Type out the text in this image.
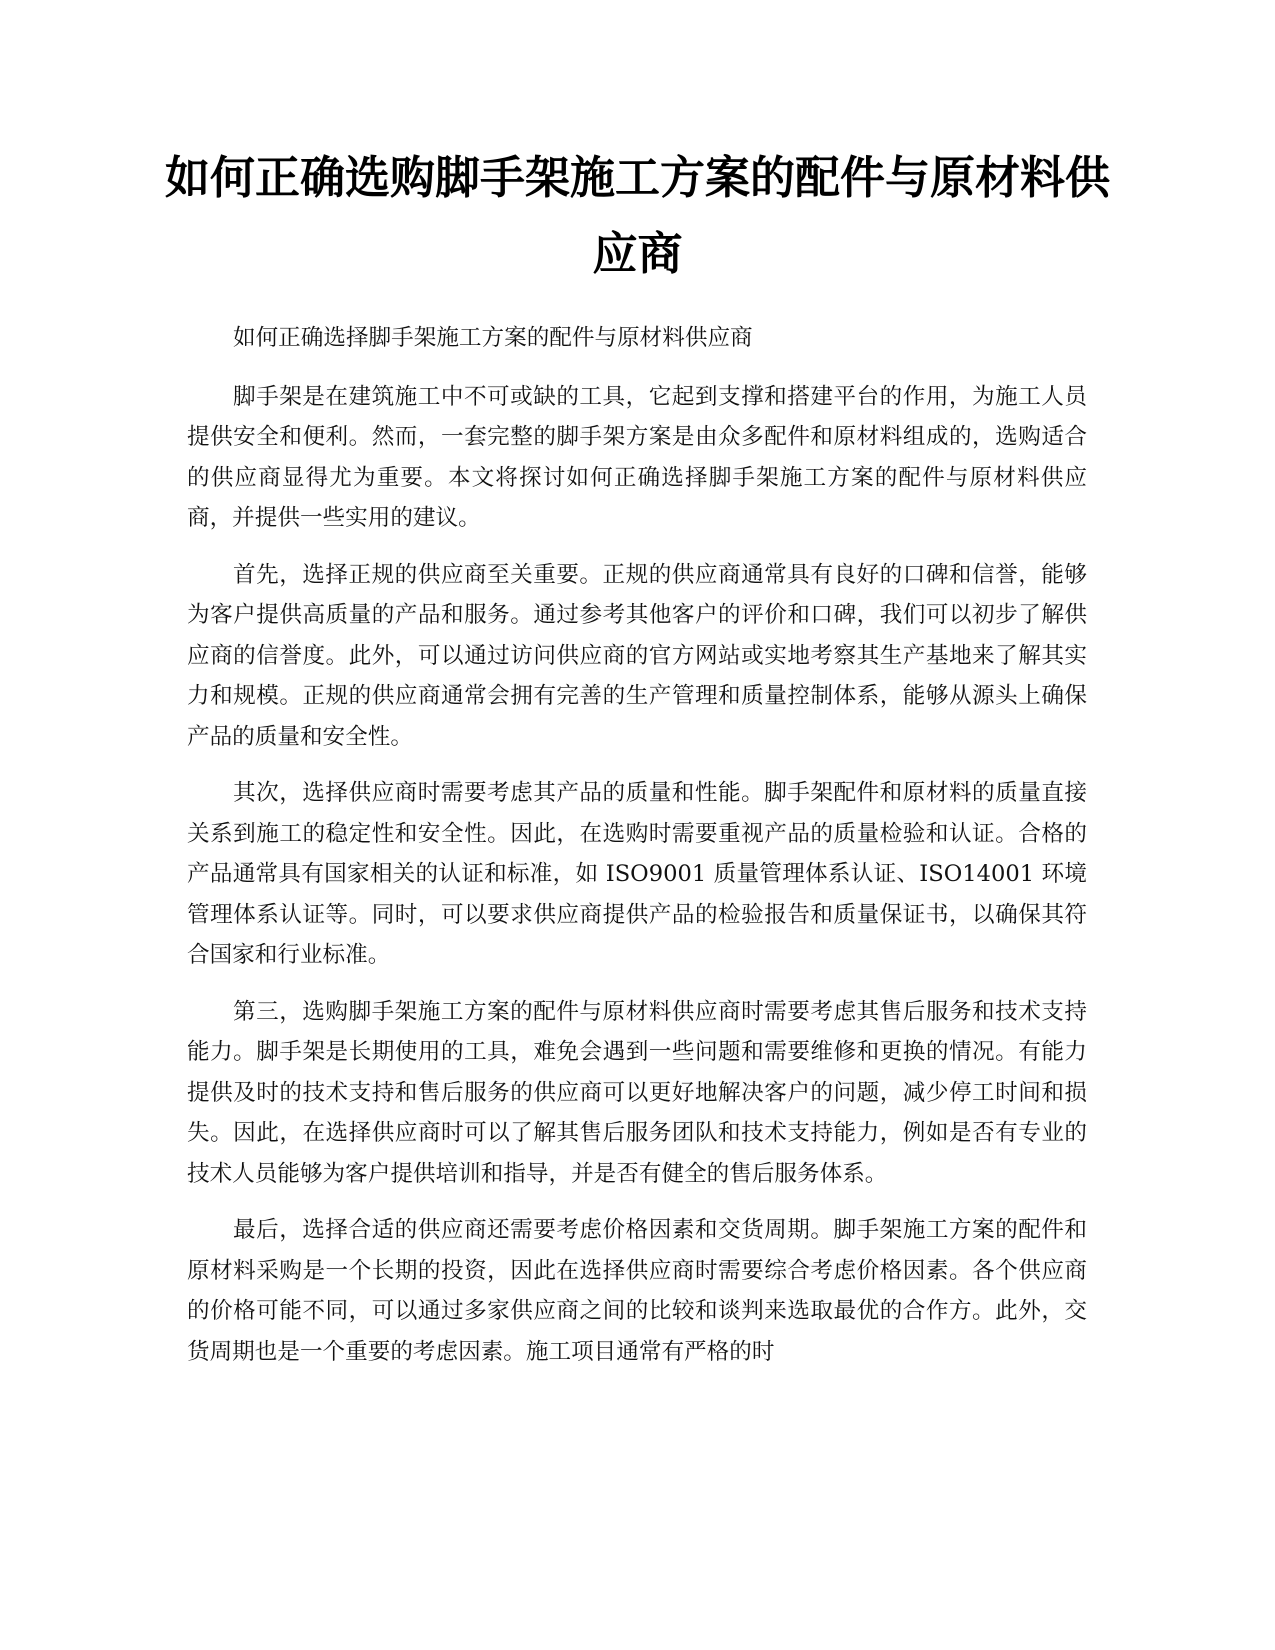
如何正确选购脚手架施工方案的配件与原材料供应商

如何正确选择脚手架施工方案的配件与原材料供应商

脚手架是在建筑施工中不可或缺的工具，它起到支撑和搭建平台的作用，为施工人员提供安全和便利。然而，一套完整的脚手架方案是由众多配件和原材料组成的，选购适合的供应商显得尤为重要。本文将探讨如何正确选择脚手架施工方案的配件与原材料供应商，并提供一些实用的建议。

首先，选择正规的供应商至关重要。正规的供应商通常具有良好的口碑和信誉，能够为客户提供高质量的产品和服务。通过参考其他客户的评价和口碑，我们可以初步了解供应商的信誉度。此外，可以通过访问供应商的官方网站或实地考察其生产基地来了解其实力和规模。正规的供应商通常会拥有完善的生产管理和质量控制体系，能够从源头上确保产品的质量和安全性。

其次，选择供应商时需要考虑其产品的质量和性能。脚手架配件和原材料的质量直接关系到施工的稳定性和安全性。因此，在选购时需要重视产品的质量检验和认证。合格的产品通常具有国家相关的认证和标准，如 ISO9001 质量管理体系认证、ISO14001 环境管理体系认证等。同时，可以要求供应商提供产品的检验报告和质量保证书，以确保其符合国家和行业标准。

第三，选购脚手架施工方案的配件与原材料供应商时需要考虑其售后服务和技术支持能力。脚手架是长期使用的工具，难免会遇到一些问题和需要维修和更换的情况。有能力提供及时的技术支持和售后服务的供应商可以更好地解决客户的问题，减少停工时间和损失。因此，在选择供应商时可以了解其售后服务团队和技术支持能力，例如是否有专业的技术人员能够为客户提供培训和指导，并是否有健全的售后服务体系。

最后，选择合适的供应商还需要考虑价格因素和交货周期。脚手架施工方案的配件和原材料采购是一个长期的投资，因此在选择供应商时需要综合考虑价格因素。各个供应商的价格可能不同，可以通过多家供应商之间的比较和谈判来选取最优的合作方。此外，交货周期也是一个重要的考虑因素。施工项目通常有严格的时
